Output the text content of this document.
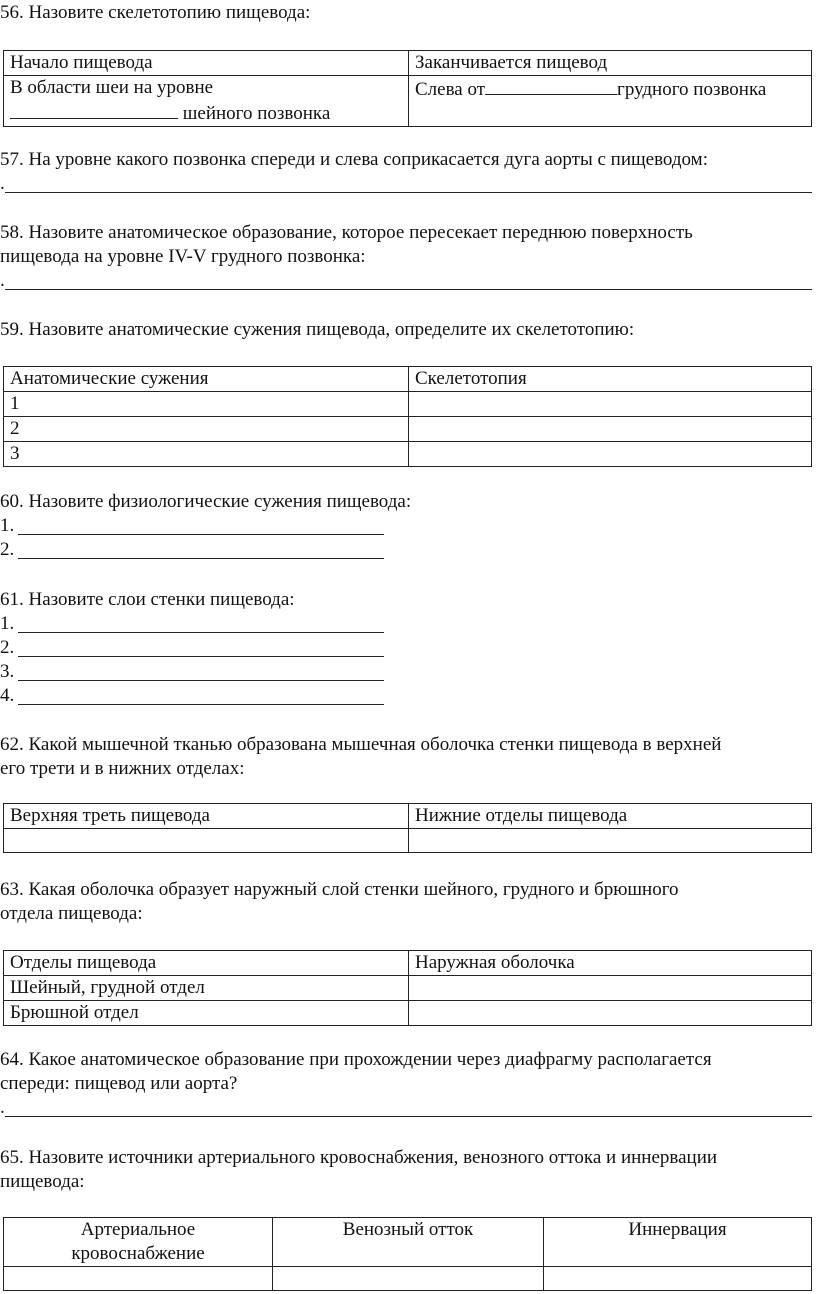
56. Назовите скелетотопию пищевода:
Начало пищевода	Заканчивается пищевод

В области шеи на уровне
шейного позвонка	Слева от грудного позвонка
57. На уровне какого позвонка спереди и слева соприкасается дуга аорты с пищеводом:
.
58. Назовите анатомическое образование, которое пересекает переднюю поверхность
пищевода на уровне IV-V грудного позвонка:
.
59. Назовите анатомические сужения пищевода, определите их скелетотопию:
Анатомические сужения	Скелетотопия
1	
2	
3	
60. Назовите физиологические сужения пищевода:
1.
2.
61. Назовите слои стенки пищевода:
1.
2.
3.
4.
62. Какой мышечной тканью образована мышечная оболочка стенки пищевода в верхней
его трети и в нижних отделах:
Верхняя треть пищевода	Нижние отделы пищевода

63. Какая оболочка образует наружный слой стенки шейного, грудного и брюшного
отдела пищевода:
Отделы пищевода	Наружная оболочка
Шейный, грудной отдел	
Брюшной отдел	
64. Какое анатомическое образование при прохождении через диафрагму располагается
спереди: пищевод или аорта?
.
65. Назовите источники артериального кровоснабжения, венозного оттока и иннервации
пищевода:
Артериальное
кровоснабжение	Венозный отток	Иннервация
